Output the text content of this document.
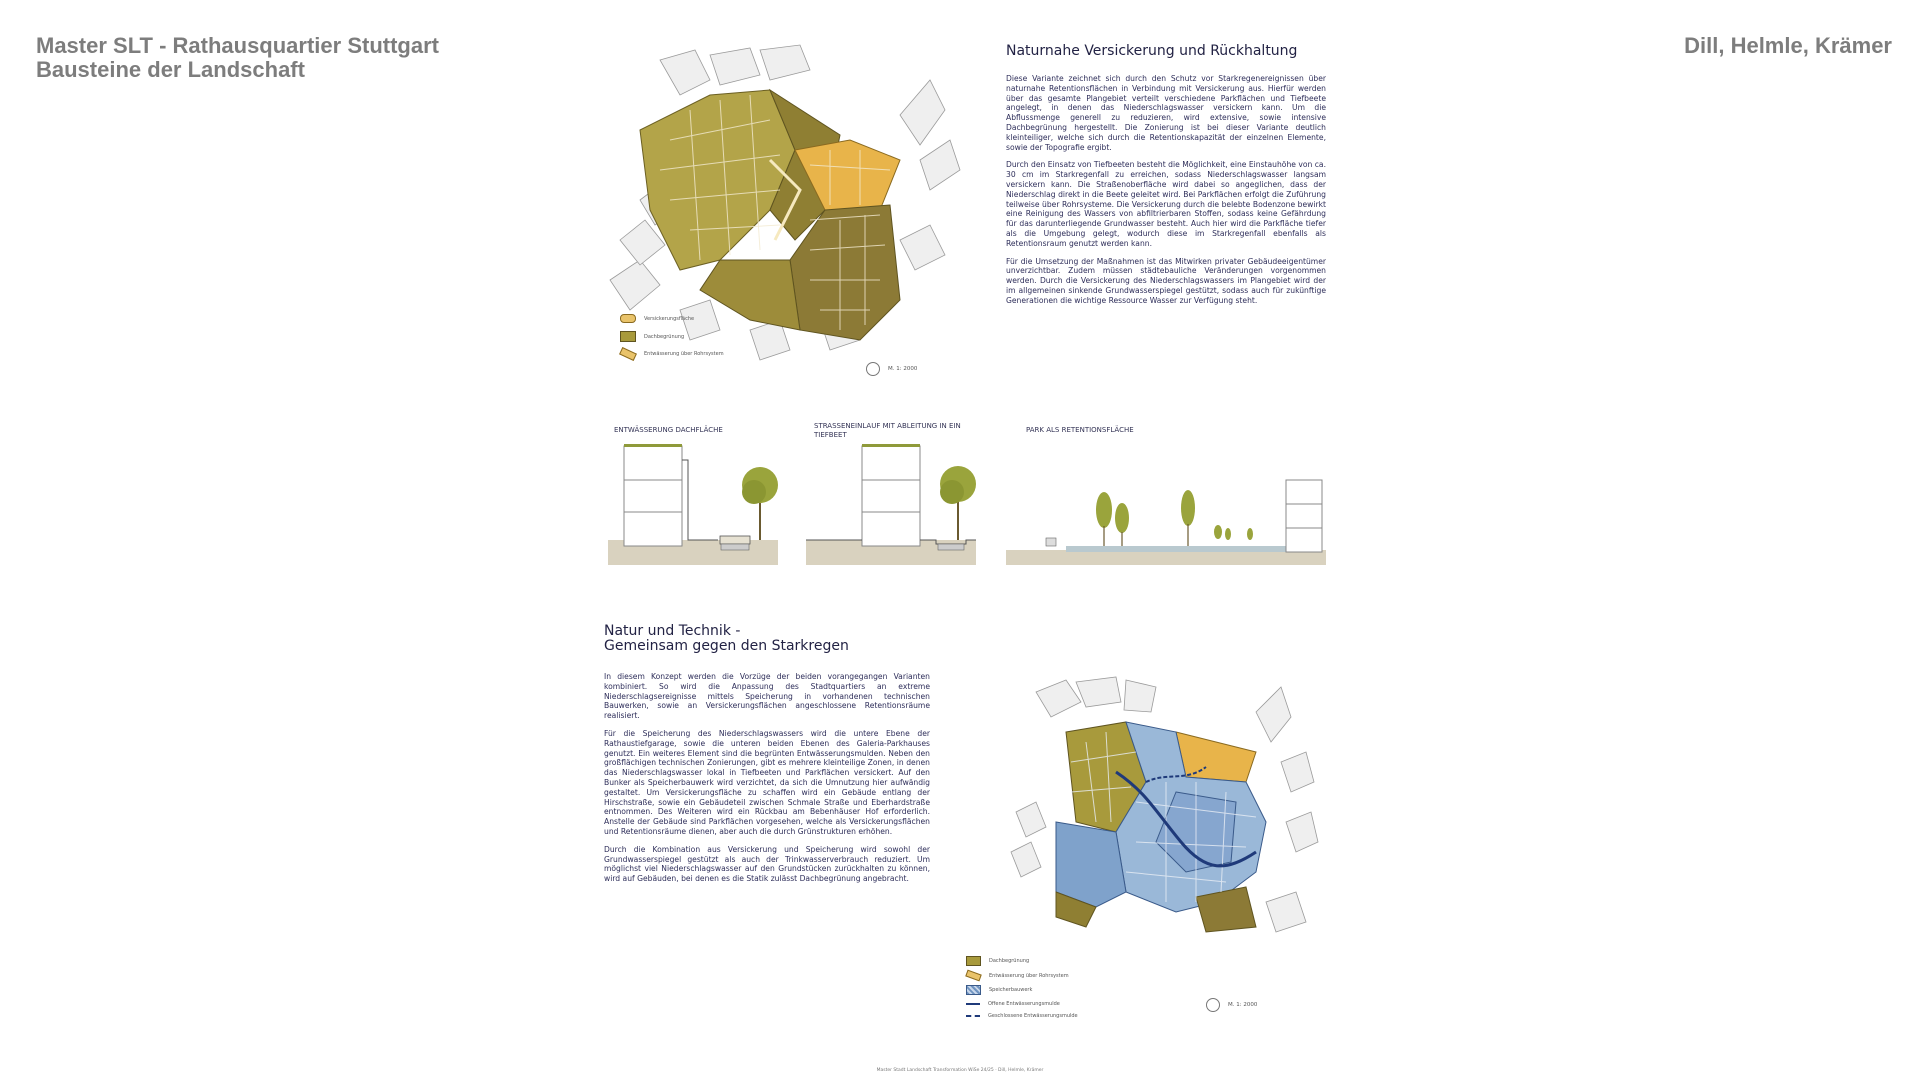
Master SLT - Rathausquartier Stuttgart
Bausteine der Landschaft
Dill, Helmle, Krämer
Versickerungsfläche
Dachbegrünung
Entwässerung über Rohrsystem
M. 1: 2000
Naturnahe Versickerung und Rückhaltung

Diese Variante zeichnet sich durch den Schutz vor Starkregenereignissen über naturnahe Retentionsflächen in Verbindung mit Versickerung aus. Hierfür werden über das gesamte Plangebiet verteilt verschiedene Parkflächen und Tiefbeete angelegt, in denen das Niederschlagswasser versickern kann. Um die Abflussmenge generell zu reduzieren, wird extensive, sowie intensive Dachbegrünung hergestellt. Die Zonierung ist bei dieser Variante deutlich kleinteiliger, welche sich durch die Retentionskapazität der einzelnen Elemente, sowie der Topografie ergibt.

Durch den Einsatz von Tiefbeeten besteht die Möglichkeit, eine Einstauhöhe von ca. 30 cm im Starkregenfall zu erreichen, sodass Niederschlagswasser langsam versickern kann. Die Straßenoberfläche wird dabei so angeglichen, dass der Niederschlag direkt in die Beete geleitet wird. Bei Parkflächen erfolgt die Zuführung teilweise über Rohrsysteme. Die Versickerung durch die belebte Bodenzone bewirkt eine Reinigung des Wassers von abfiltrierbaren Stoffen, sodass keine Gefährdung für das darunterliegende Grundwasser besteht. Auch hier wird die Parkfläche tiefer als die Umgebung gelegt, wodurch diese im Starkregenfall ebenfalls als Retentionsraum genutzt werden kann.

Für die Umsetzung der Maßnahmen ist das Mitwirken privater Gebäudeeigentümer unverzichtbar. Zudem müssen städtebauliche Veränderungen vorgenommen werden. Durch die Versickerung des Niederschlagswassers im Plangebiet wird der im allgemeinen sinkende Grundwasserspiegel gestützt, sodass auch für zukünftige Generationen die wichtige Ressource Wasser zur Verfügung steht.

ENTWÄSSERUNG DACHFLÄCHE	STRASSENEINLAUF MIT ABLEITUNG IN EIN TIEFBEET
PARK ALS RETENTIONSFLÄCHE
Natur und Technik -
Gemeinsam gegen den Starkregen

In diesem Konzept werden die Vorzüge der beiden vorangegangen Varianten kombiniert. So wird die Anpassung des Stadtquartiers an extreme Niederschlagsereignisse mittels Speicherung in vorhandenen technischen Bauwerken, sowie an Versickerungsflächen angeschlossene Retentionsräume realisiert.

Für die Speicherung des Niederschlagswassers wird die untere Ebene der Rathaustiefgarage, sowie die unteren beiden Ebenen des Galeria-Parkhauses genutzt. Ein weiteres Element sind die begrünten Entwässerungsmulden. Neben den großflächigen technischen Zonierungen, gibt es mehrere kleinteilige Zonen, in denen das Niederschlagswasser lokal in Tiefbeeten und Parkflächen versickert. Auf den Bunker als Speicherbauwerk wird verzichtet, da sich die Umnutzung hier aufwändig gestaltet. Um Versickerungsfläche zu schaffen wird ein Gebäude entlang der Hirschstraße, sowie ein Gebäudeteil zwischen Schmale Straße und Eberhardstraße entnommen. Des Weiteren wird ein Rückbau am Bebenhäuser Hof erforderlich. Anstelle der Gebäude sind Parkflächen vorgesehen, welche als Versickerungsflächen und Retentionsräume dienen, aber auch die durch Grünstrukturen erhöhen.

Durch die Kombination aus Versickerung und Speicherung wird sowohl der Grundwasserspiegel gestützt als auch der Trinkwasserverbrauch reduziert. Um möglichst viel Niederschlagswasser auf den Grundstücken zurückhalten zu können, wird auf Gebäuden, bei denen es die Statik zulässt Dachbegrünung angebracht.

Dachbegrünung
Entwässerung über Rohrsystem
Speicherbauwerk
Offene Entwässerungsmulde
Geschlossene Entwässerungsmulde
M. 1: 2000
Master Stadt Landschaft Transformation WiSe 24/25 · Dill, Helmle, Krämer
